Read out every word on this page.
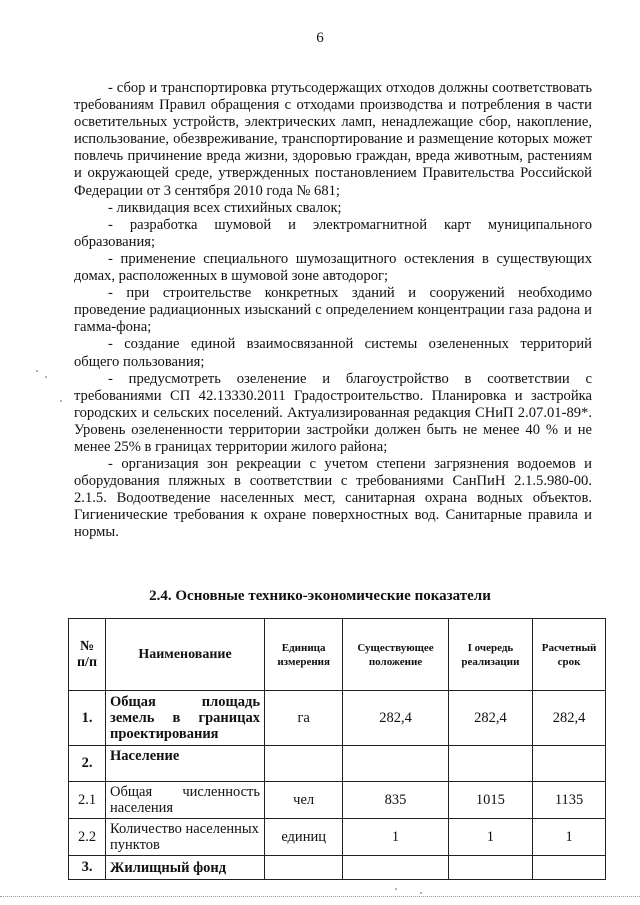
6

- сбор и транспортировка ртутьсодержащих отходов должны соответствовать требованиям Правил обращения с отходами производства и потребления в части осветительных устройств, электрических ламп, ненадлежащие сбор, накопление, использование, обезвреживание, транспортирование и размещение которых может повлечь причинение вреда жизни, здоровью граждан, вреда животным, растениям и окружающей среде, утвержденных постановлением Правительства Российской Федерации от 3 сентября 2010 года № 681;

- ликвидация всех стихийных свалок;

- разработка шумовой и электромагнитной карт муниципального образования;

- применение специального шумозащитного остекления в существующих домах, расположенных в шумовой зоне автодорог;

- при строительстве конкретных зданий и сооружений необходимо проведение радиационных изысканий с определением концентрации газа радона и гамма-фона;

- создание единой взаимосвязанной системы озелененных территорий общего пользования;

- предусмотреть озеленение и благоустройство в соответствии с требованиями СП 42.13330.2011 Градостроительство. Планировка и застройка городских и сельских поселений. Актуализированная редакция СНиП 2.07.01-89*. Уровень озелененности территории застройки должен быть не менее 40 % и не менее 25% в границах территории жилого района;

- организация зон рекреации с учетом степени загрязнения водоемов и оборудования пляжных в соответствии с требованиями СанПиН 2.1.5.980-00. 2.1.5. Водоотведение населенных мест, санитарная охрана водных объектов. Гигиенические требования к охране поверхностных вод. Санитарные правила и нормы.

2.4. Основные технико-экономические показатели
№ п/п	Наименование	Единица измерения	Существующее положение	I очередь реализации	Расчетный срок
1.	Общая площадь земель в границах проектирования	га	282,4	282,4	282,4
2.	Население				
2.1	Общая численность населения	чел	835	1015	1135
2.2	Количество населенных пунктов	единиц	1	1	1
3.	Жилищный фонд				
